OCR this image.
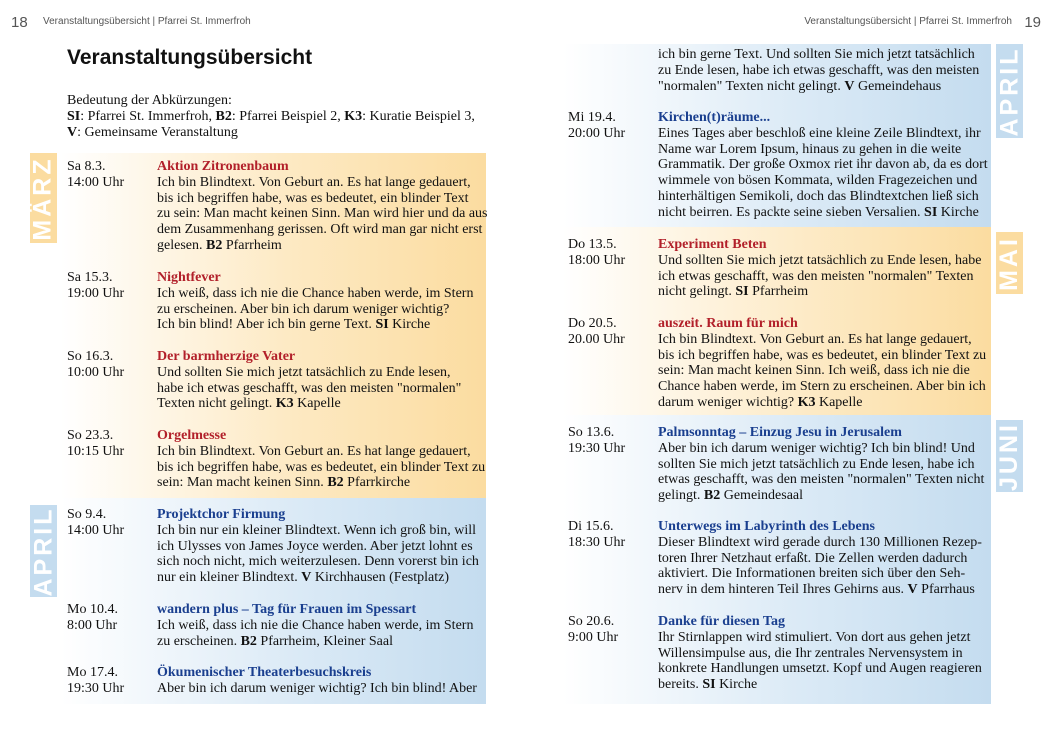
18 Veranstaltungsübersicht | Pfarrei St. Immerfroh	Veranstaltungsübersicht | Pfarrei St. Immerfroh 19
Veranstaltungsübersicht
Bedeutung der Abkürzungen:
SI: Pfarrei St. Immerfroh, B2: Pfarrei Beispiel 2, K3: Kuratie Beispiel 3,
V: Gemeinsame Veranstaltung
MÄRZ
APRIL
APRIL
MAI
JUNI
Sa 8.3.
14:00 Uhr
Aktion Zitronenbaum
Ich bin Blindtext. Von Geburt an. Es hat lange gedauert,
bis ich begriffen habe, was es bedeutet, ein blinder Text
zu sein: Man macht keinen Sinn. Man wird hier und da aus
dem Zusammenhang gerissen. Oft wird man gar nicht erst
gelesen. B2 Pfarrheim
Sa 15.3.
19:00 Uhr
Nightfever
Ich weiß, dass ich nie die Chance haben werde, im Stern
zu erscheinen. Aber bin ich darum weniger wichtig?
Ich bin blind! Aber ich bin gerne Text. SI Kirche
So 16.3.
10:00 Uhr
Der barmherzige Vater
Und sollten Sie mich jetzt tatsächlich zu Ende lesen,
habe ich etwas geschafft, was den meisten "normalen"
Texten nicht gelingt. K3 Kapelle
So 23.3.
10:15 Uhr
Orgelmesse
Ich bin Blindtext. Von Geburt an. Es hat lange gedauert,
bis ich begriffen habe, was es bedeutet, ein blinder Text zu
sein: Man macht keinen Sinn. B2 Pfarrkirche
So 9.4.
14:00 Uhr
Projektchor Firmung
Ich bin nur ein kleiner Blindtext. Wenn ich groß bin, will
ich Ulysses von James Joyce werden. Aber jetzt lohnt es
sich noch nicht, mich weiterzulesen. Denn vorerst bin ich
nur ein kleiner Blindtext. V Kirchhausen (Festplatz)
Mo 10.4.
8:00 Uhr
wandern plus – Tag für Frauen im Spessart
Ich weiß, dass ich nie die Chance haben werde, im Stern
zu erscheinen. B2 Pfarrheim, Kleiner Saal
Mo 17.4.
19:30 Uhr
Ökumenischer Theaterbesuchskreis
Aber bin ich darum weniger wichtig? Ich bin blind! Aber
ich bin gerne Text. Und sollten Sie mich jetzt tatsächlich
zu Ende lesen, habe ich etwas geschafft, was den meisten
"normalen" Texten nicht gelingt. V Gemeindehaus
Mi 19.4.
20:00 Uhr
Kirchen(t)räume...
Eines Tages aber beschloß eine kleine Zeile Blindtext, ihr
Name war Lorem Ipsum, hinaus zu gehen in die weite
Grammatik. Der große Oxmox riet ihr davon ab, da es dort
wimmele von bösen Kommata, wilden Fragezeichen und
hinterhältigen Semikoli, doch das Blindtextchen ließ sich
nicht beirren. Es packte seine sieben Versalien. SI Kirche
Do 13.5.
18:00 Uhr
Experiment Beten
Und sollten Sie mich jetzt tatsächlich zu Ende lesen, habe
ich etwas geschafft, was den meisten "normalen" Texten
nicht gelingt. SI Pfarrheim
Do 20.5.
20.00 Uhr
auszeit. Raum für mich
Ich bin Blindtext. Von Geburt an. Es hat lange gedauert,
bis ich begriffen habe, was es bedeutet, ein blinder Text zu
sein: Man macht keinen Sinn. Ich weiß, dass ich nie die
Chance haben werde, im Stern zu erscheinen. Aber bin ich
darum weniger wichtig? K3 Kapelle
So 13.6.
19:30 Uhr
Palmsonntag – Einzug Jesu in Jerusalem
Aber bin ich darum weniger wichtig? Ich bin blind! Und
sollten Sie mich jetzt tatsächlich zu Ende lesen, habe ich
etwas geschafft, was den meisten "normalen" Texten nicht
gelingt. B2 Gemeindesaal
Di 15.6.
18:30 Uhr
Unterwegs im Labyrinth des Lebens
Dieser Blindtext wird gerade durch 130 Millionen Rezep-
toren Ihrer Netzhaut erfaßt. Die Zellen werden dadurch
aktiviert. Die Informationen breiten sich über den Seh-
nerv in dem hinteren Teil Ihres Gehirns aus. V Pfarrhaus
So 20.6.
9:00 Uhr
Danke für diesen Tag
Ihr Stirnlappen wird stimuliert. Von dort aus gehen jetzt
Willensimpulse aus, die Ihr zentrales Nervensystem in
konkrete Handlungen umsetzt. Kopf und Augen reagieren
bereits. SI Kirche
